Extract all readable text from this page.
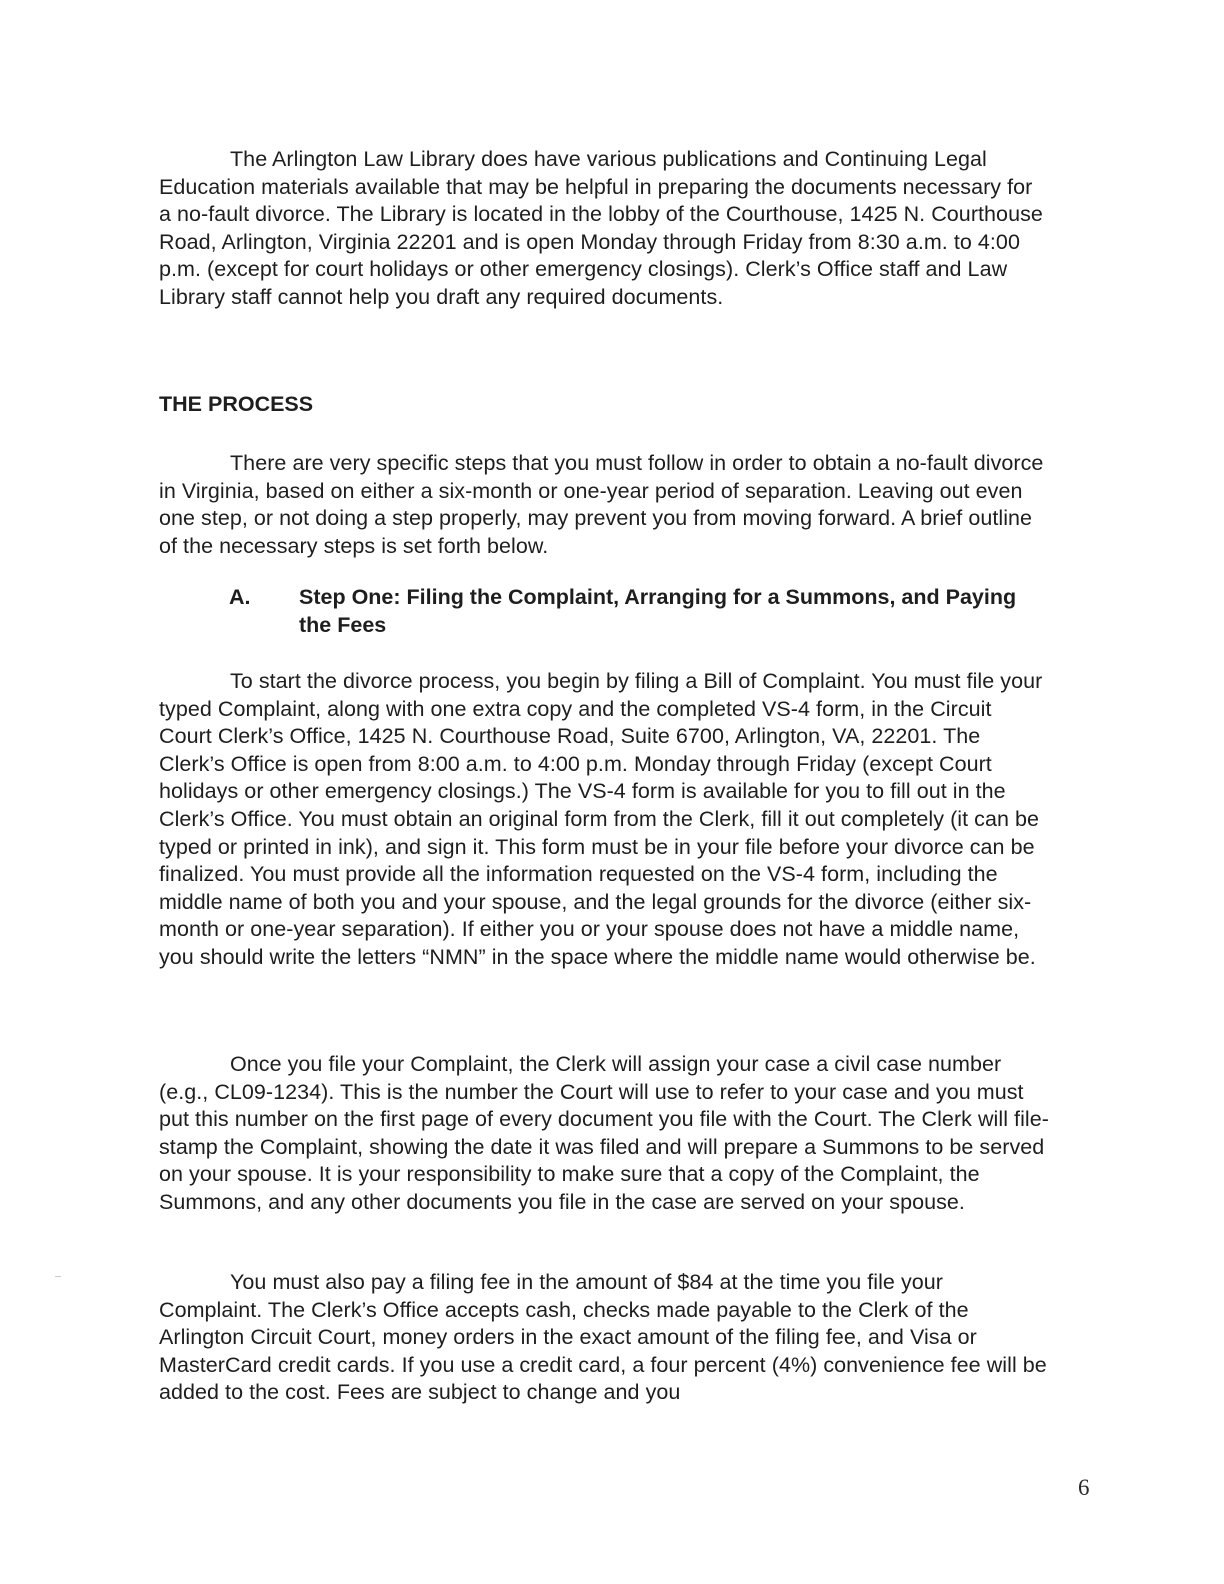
The Arlington Law Library does have various publications and Continuing Legal Education materials available that may be helpful in preparing the documents necessary for a no-fault divorce. The Library is located in the lobby of the Courthouse, 1425 N. Courthouse Road, Arlington, Virginia 22201 and is open Monday through Friday from 8:30 a.m. to 4:00 p.m. (except for court holidays or other emergency closings). Clerk’s Office staff and Law Library staff cannot help you draft any required documents.

THE PROCESS

There are very specific steps that you must follow in order to obtain a no-fault divorce in Virginia, based on either a six-month or one-year period of separation. Leaving out even one step, or not doing a step properly, may prevent you from moving forward. A brief outline of the necessary steps is set forth below.

A. Step One: Filing the Complaint, Arranging for a Summons, and Paying the Fees

To start the divorce process, you begin by filing a Bill of Complaint. You must file your typed Complaint, along with one extra copy and the completed VS-4 form, in the Circuit Court Clerk’s Office, 1425 N. Courthouse Road, Suite 6700, Arlington, VA, 22201. The Clerk’s Office is open from 8:00 a.m. to 4:00 p.m. Monday through Friday (except Court holidays or other emergency closings.) The VS-4 form is available for you to fill out in the Clerk’s Office. You must obtain an original form from the Clerk, fill it out completely (it can be typed or printed in ink), and sign it. This form must be in your file before your divorce can be finalized. You must provide all the information requested on the VS-4 form, including the middle name of both you and your spouse, and the legal grounds for the divorce (either six-month or one-year separation). If either you or your spouse does not have a middle name, you should write the letters “NMN” in the space where the middle name would otherwise be.

Once you file your Complaint, the Clerk will assign your case a civil case number (e.g., CL09-1234). This is the number the Court will use to refer to your case and you must put this number on the first page of every document you file with the Court. The Clerk will file-stamp the Complaint, showing the date it was filed and will prepare a Summons to be served on your spouse. It is your responsibility to make sure that a copy of the Complaint, the Summons, and any other documents you file in the case are served on your spouse.

You must also pay a filing fee in the amount of $84 at the time you file your Complaint. The Clerk’s Office accepts cash, checks made payable to the Clerk of the Arlington Circuit Court, money orders in the exact amount of the filing fee, and Visa or MasterCard credit cards. If you use a credit card, a four percent (4%) convenience fee will be added to the cost. Fees are subject to change and you

6
